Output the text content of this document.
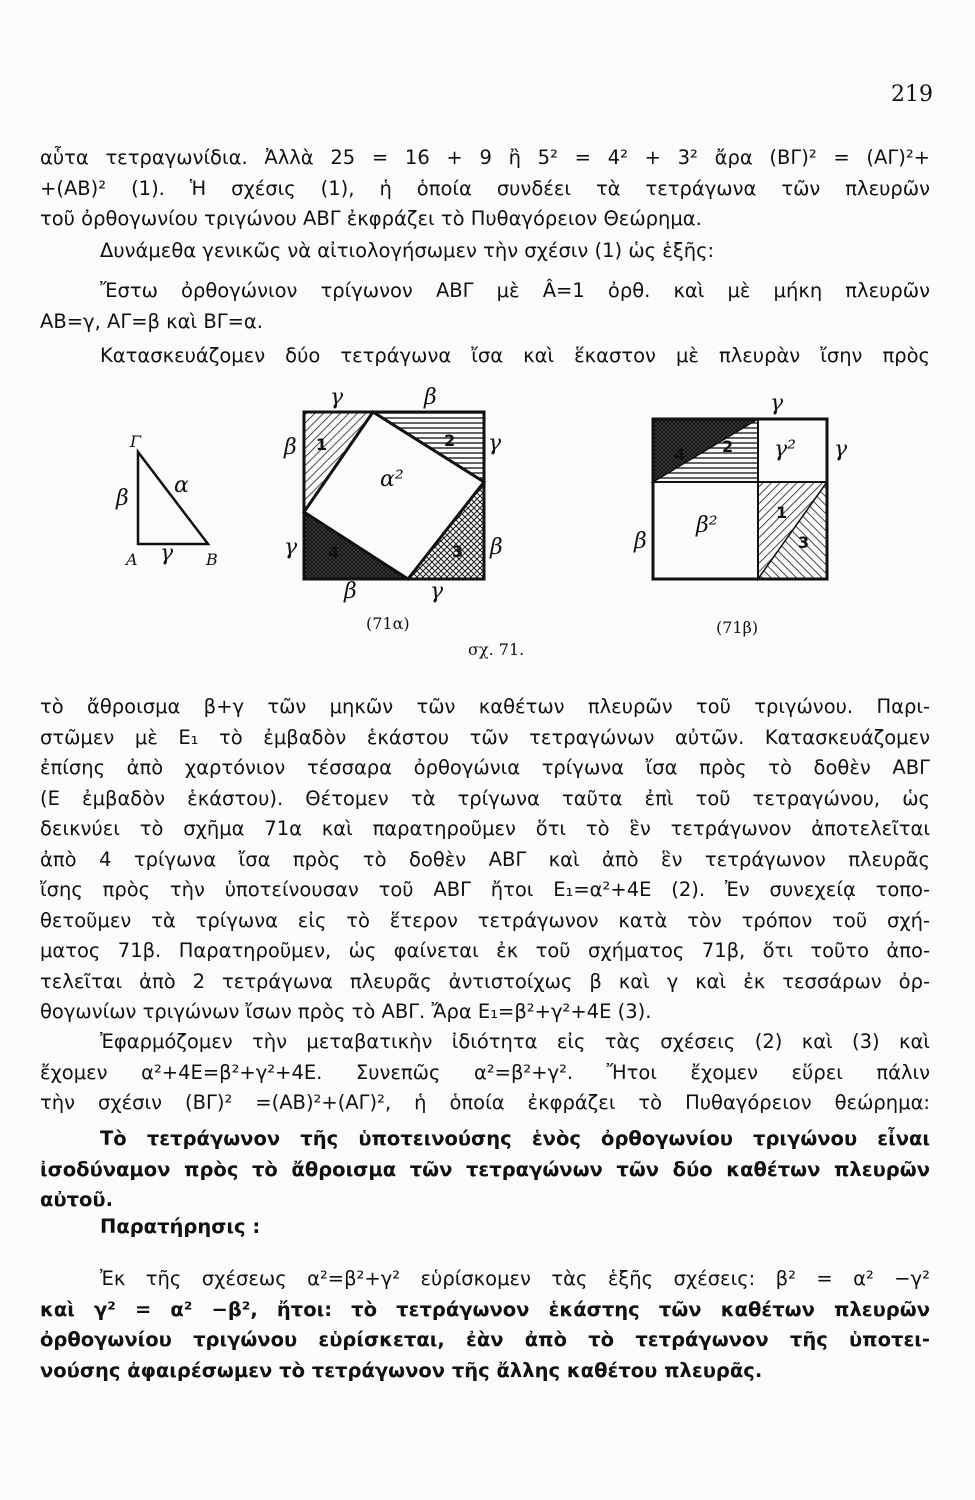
219
αὗτα τετραγωνίδια. Ἀλλὰ 25 = 16 + 9 ἢ 5² = 4² + 3² ἄρα (ΒΓ)² = (ΑΓ)²+
+(ΑΒ)² (1). Ἡ σχέσις (1), ἡ ὁποία συνδέει τὰ τετράγωνα τῶν πλευρῶν
τοῦ ὀρθογωνίου τριγώνου ΑΒΓ ἐκφράζει τὸ Πυθαγόρειον Θεώρημα.
Δυνάμεθα γενικῶς νὰ αἰτιολογήσωμεν τὴν σχέσιν (1) ὡς ἑξῆς:
Ἔστω ὀρθογώνιον τρίγωνον ΑΒΓ μὲ Â=1 ὀρθ. καὶ μὲ μήκη πλευρῶν
ΑΒ=γ, ΑΓ=β καὶ ΒΓ=α.
Κατασκευάζομεν δύο τετράγωνα ἴσα καὶ ἕκαστον μὲ πλευρὰν ἴσην πρὸς
Γ
Α	Β
β
α
γ
1	2
3
4
α²
γ	β
β	γ
γ	β
β	γ
4 2
1
3
γ
γ² γ
β²
β
(71α)	(71β)
σχ. 71.
τὸ ἄθροισμα β+γ τῶν μηκῶν τῶν καθέτων πλευρῶν τοῦ τριγώνου. Παρι-
στῶμεν μὲ Ε₁ τὸ ἐμβαδὸν ἑκάστου τῶν τετραγώνων αὐτῶν. Κατασκευάζομεν
ἐπίσης ἀπὸ χαρτόνιον τέσσαρα ὀρθογώνια τρίγωνα ἴσα πρὸς τὸ δοθὲν ΑΒΓ
(Ε ἐμβαδὸν ἑκάστου). Θέτομεν τὰ τρίγωνα ταῦτα ἐπὶ τοῦ τετραγώνου, ὡς
δεικνύει τὸ σχῆμα 71α καὶ παρατηροῦμεν ὅτι τὸ ἓν τετράγωνον ἀποτελεῖται
ἀπὸ 4 τρίγωνα ἴσα πρὸς τὸ δοθὲν ΑΒΓ καὶ ἀπὸ ἓν τετράγωνον πλευρᾶς
ἴσης πρὸς τὴν ὑποτείνουσαν τοῦ ΑΒΓ ἤτοι Ε₁=α²+4Ε (2). Ἐν συνεχείᾳ τοπο-
θετοῦμεν τὰ τρίγωνα εἰς τὸ ἕτερον τετράγωνον κατὰ τὸν τρόπον τοῦ σχή-
ματος 71β. Παρατηροῦμεν, ὡς φαίνεται ἐκ τοῦ σχήματος 71β, ὅτι τοῦτο ἀπο-
τελεῖται ἀπὸ 2 τετράγωνα πλευρᾶς ἀντιστοίχως β καὶ γ καὶ ἐκ τεσσάρων ὀρ-
θογωνίων τριγώνων ἴσων πρὸς τὸ ΑΒΓ. Ἄρα Ε₁=β²+γ²+4Ε (3).
Ἐφαρμόζομεν τὴν μεταβατικὴν ἰδιότητα εἰς τὰς σχέσεις (2) καὶ (3) καὶ
ἔχομεν α²+4Ε=β²+γ²+4Ε. Συνεπῶς α²=β²+γ². Ἤτοι ἔχομεν εὕρει πάλιν
τὴν σχέσιν (ΒΓ)² =(ΑΒ)²+(ΑΓ)², ἡ ὁποία ἐκφράζει τὸ Πυθαγόρειον θεώρημα:
Τὸ τετράγωνον τῆς ὑποτεινούσης ἑνὸς ὀρθογωνίου τριγώνου εἶναι
ἰσοδύναμον πρὸς τὸ ἄθροισμα τῶν τετραγώνων τῶν δύο καθέτων πλευρῶν
αὐτοῦ.
Παρατήρησις :
Ἐκ τῆς σχέσεως α²=β²+γ² εὑρίσκομεν τὰς ἑξῆς σχέσεις: β² = α² −γ²
καὶ γ² = α² −β², ἤτοι: τὸ τετράγωνον ἑκάστης τῶν καθέτων πλευρῶν
ὀρθογωνίου τριγώνου εὑρίσκεται, ἐὰν ἀπὸ τὸ τετράγωνον τῆς ὑποτει-
νούσης ἀφαιρέσωμεν τὸ τετράγωνον τῆς ἄλλης καθέτου πλευρᾶς.
